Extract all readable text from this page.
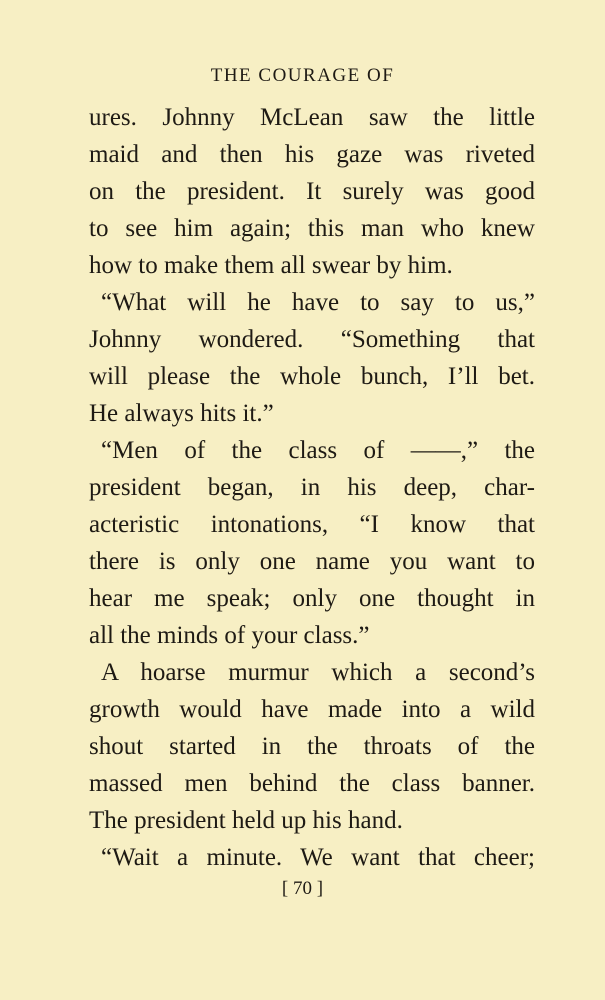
THE COURAGE OF
ures. Johnny McLean saw the little
maid and then his gaze was riveted
on the president. It surely was good
to see him again; this man who knew
how to make them all swear by him.
“What will he have to say to us,”
Johnny wondered. “Something that
will please the whole bunch, I’ll bet.
He always hits it.”
“Men of the class of ——,” the
president began, in his deep, char-
acteristic intonations, “I know that
there is only one name you want to
hear me speak; only one thought in
all the minds of your class.”
A hoarse murmur which a second’s
growth would have made into a wild
shout started in the throats of the
massed men behind the class banner.
The president held up his hand.
“Wait a minute. We want that cheer;
[ 70 ]
